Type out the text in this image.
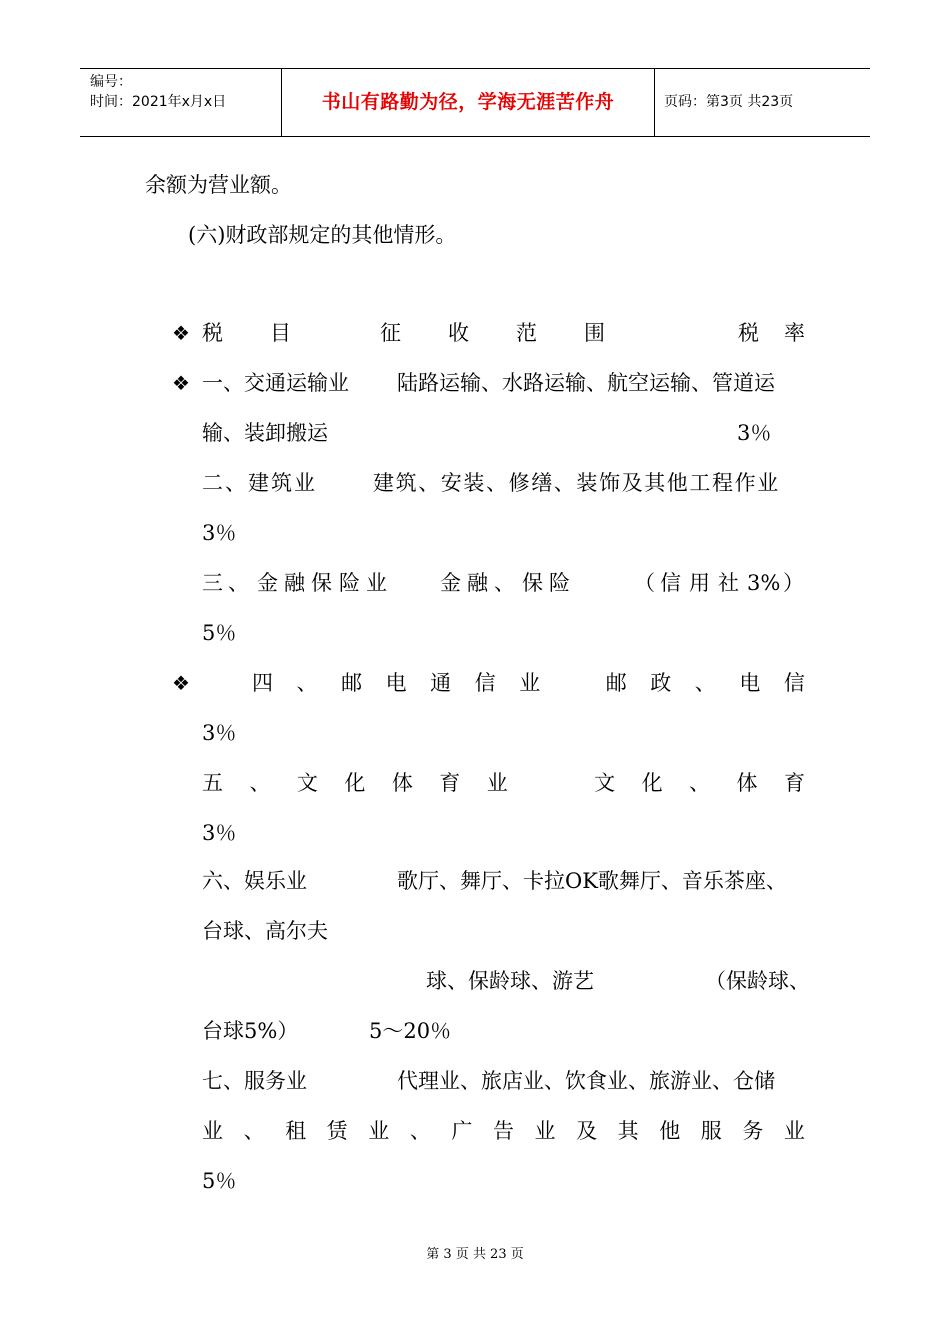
编号：
时间：2021年x月x日	书山有路勤为径，学海无涯苦作舟	页码：第3页 共23页
余额为营业额。
(六)财政部规定的其他情形。
❖ 税 目	征 收 范 围	税 率
❖ 一、交通运输业 陆路运输、水路运输、航空运输、管道运
输、装卸搬运	3％
二、建筑业	建筑、安装、修缮、装饰及其他工程作业
3％
三 、 金 融 保 险 业	金 融 、 保 险	（ 信 用 社 3% ）
5％
❖	四 、 邮 电 通 信 业	邮 政 、 电 信
3％
五 、 文 化 体 育 业	文 化 、 体 育
3％
六、娱乐业	歌厅、舞厅、卡拉OK歌舞厅、音乐茶座、
台球、高尔夫
球、保龄球、游艺	（保龄球、
台球5%）	5～20％
七、服务业	代理业、旅店业、饮食业、旅游业、仓储
业 、 租 赁 业 、 广 告 业 及 其 他 服 务 业
5％
第 3 页 共 23 页
